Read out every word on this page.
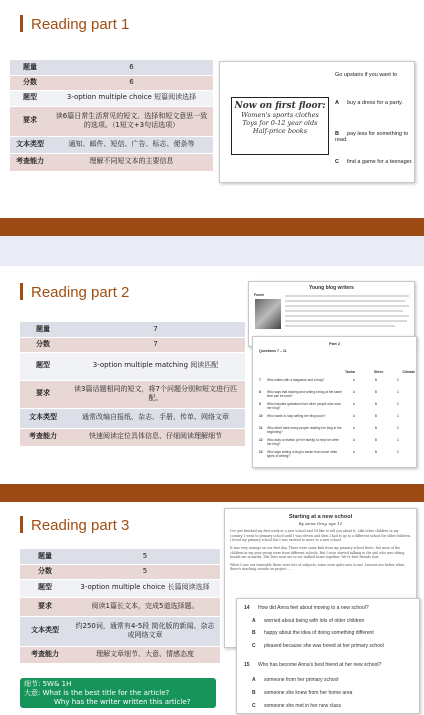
Reading part 1
题量	6
分数	6
题型	3-option multiple choice 短篇阅读选择
要求	读6篇日常生活常见的短文、选择和短文意思一致的选项。（1短文+3句话选项）
文本类型	通知、邮件、短信、广告、标志、便条等
考查能力	理解不同短文本的主要信息
Go upstairs if you want to
Now on first floor:
Women's sports clothes
Toys for 0-12 year olds
Half-price books
A buy a dress for a party.
B pay less for something to read.
C find a game for a teenager.
Reading part 2
题量	7
分数	7
题型	3-option multiple matching 阅读匹配
要求	读3篇话题相同的短文，将7个问题分别和短文进行匹配。
文本类型	通常改编自报纸、杂志、手册、传单、网络文章
考查能力	快速阅读定位具体信息、仔细阅读理解细节
Young blog writers
Fumie
Part 2
Questions 7 – 11
Tasha	Steve	Climate
7	Who writes with a magazine and a blog?	A	B	C
8	Who says that sharing and writing a blog at the same time can be hard?
A	B	C
9	Who includes questions from other people who read her blog?
A	B	C
10	Who wants to stop writing her blog soon?	A	B	C
11	Who didn't have many people reading her blog in the beginning?
A	B	C
12	Who asks a relative (of her family) to help her write her blog?
A	B	C
13	Who says writing a blog is easier than some other types of writing?
A	B	C
Reading part 3
题量	5
分数	5
题型	3-option multiple choice 长篇阅读选择
要求	阅读1篇长文本，完成5道选择题。
文本类型	约250词，通常有4-5段 简化版的新闻、杂志或网络文章
考查能力	理解文章细节、大意、情感态度
细节: 5W& 1H
大意: What is the best title for the article?
Why has the writer written this article?
Starting at a new school
By Anna Gray, age 11

I've just finished my first week at a new school and I'd like to tell you about it. Like other children in my country, I went to primary school until I was eleven and then I had to go to a different school for older children. I loved my primary school but I was excited to move to a new school.

It was very strange on our first day. There were some kids from my primary school there, but most of the children in my year group were from different schools. But I soon started talking to the girl who was sitting beside me in maths. She lives near me so we walked home together. We're best friends now.

When I saw our timetable there were lots of subjects, some were quite new to me! Lessons are better when there's teaching outside on project. ...

14 How did Anna feel about moving to a new school?
A worried about being with lots of older children
B happy about the idea of doing something different
C pleased because she was bored at her primary school
15 Who has become Anna's best friend at her new school?
A someone from her primary school
B someone she knew from her home area
C someone she met in her new class
